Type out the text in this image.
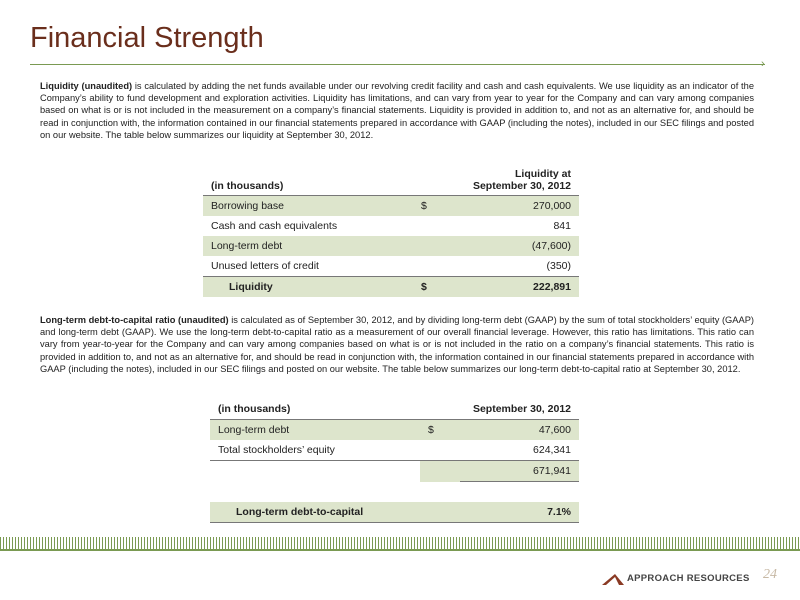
Financial Strength
›
Liquidity (unaudited) is calculated by adding the net funds available under our revolving credit facility and cash and cash equivalents. We use liquidity as an indicator of the Company’s ability to fund development and exploration activities. Liquidity has limitations, and can vary from year to year for the Company and can vary among companies based on what is or is not included in the measurement on a company’s financial statements. Liquidity is provided in addition to, and not as an alternative for, and should be read in conjunction with, the information contained in our financial statements prepared in accordance with GAAP (including the notes), included in our SEC filings and posted on our website. The table below summarizes our liquidity at September 30, 2012.
(in thousands)		Liquidity at
September 30, 2012

Borrowing base	$	270,000
Cash and cash equivalents		841
Long-term debt		(47,600)
Unused letters of credit		(350)
Liquidity	$	222,891
Long-term debt-to-capital ratio (unaudited) is calculated as of September 30, 2012, and by dividing long-term debt (GAAP) by the sum of total stockholders’ equity (GAAP) and long-term debt (GAAP). We use the long-term debt-to-capital ratio as a measurement of our overall financial leverage. However, this ratio has limitations. This ratio can vary from year-to-year for the Company and can vary among companies based on what is or is not included in the ratio on a company’s financial statements. This ratio is provided in addition to, and not as an alternative for, and should be read in conjunction with, the information contained in our financial statements prepared in accordance with GAAP (including the notes), included in our SEC filings and posted on our website. The table below summarizes our long-term debt-to-capital ratio at September 30, 2012.
(in thousands)		September 30, 2012
Long-term debt	$	47,600
Total stockholders’ equity		624,341
		671,941

Long-term debt-to-capital		7.1%
APPROACH RESOURCES 24
